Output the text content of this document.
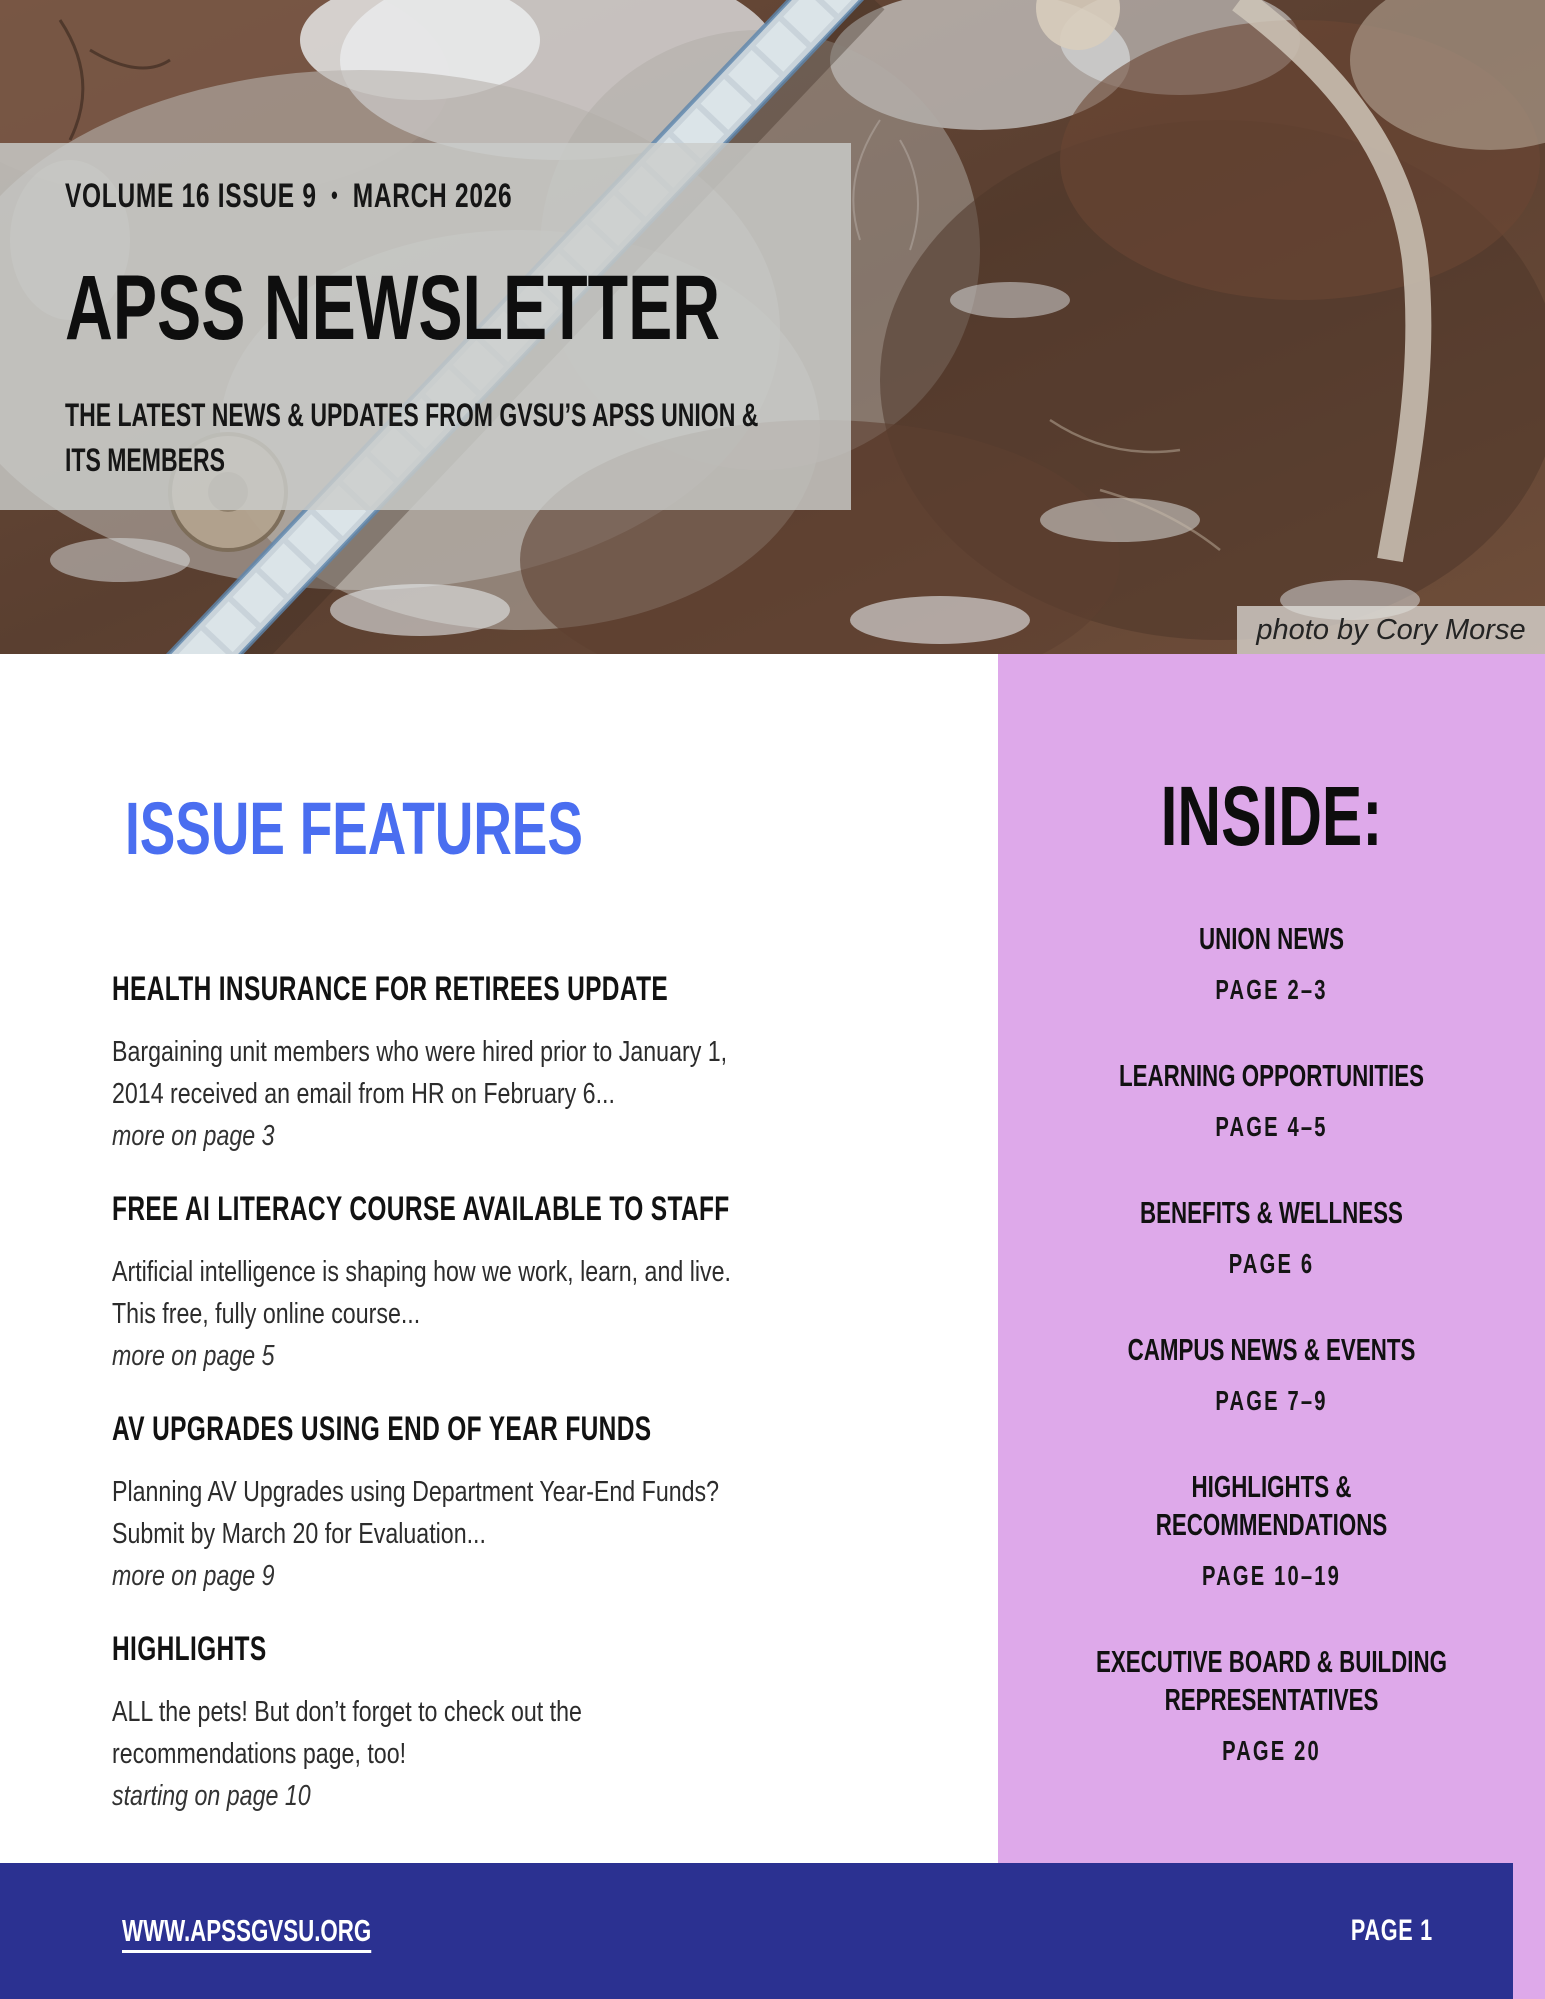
VOLUME 16 ISSUE 9 • MARCH 2026
APSS NEWSLETTER

THE LATEST NEWS & UPDATES FROM GVSU’S APSS UNION &
ITS MEMBERS

photo by Cory Morse
ISSUE FEATURES
HEALTH INSURANCE FOR RETIREES UPDATE

Bargaining unit members who were hired prior to January 1,
2014 received an email from HR on February 6...

more on page 3

FREE AI LITERACY COURSE AVAILABLE TO STAFF

Artificial intelligence is shaping how we work, learn, and live.
This free, fully online course...

more on page 5

AV UPGRADES USING END OF YEAR FUNDS

Planning AV Upgrades using Department Year-End Funds?
Submit by March 20 for Evaluation...

more on page 9

HIGHLIGHTS

ALL the pets! But don’t forget to check out the
recommendations page, too!

starting on page 10

INSIDE:
UNION NEWS
PAGE 2–3
LEARNING OPPORTUNITIES
PAGE 4–5
BENEFITS & WELLNESS
PAGE 6
CAMPUS NEWS & EVENTS
PAGE 7–9
HIGHLIGHTS & RECOMMENDATIONS
PAGE 10–19
EXECUTIVE BOARD & BUILDING REPRESENTATIVES
PAGE 20
WWW.APSSGVSU.ORG	PAGE 1
